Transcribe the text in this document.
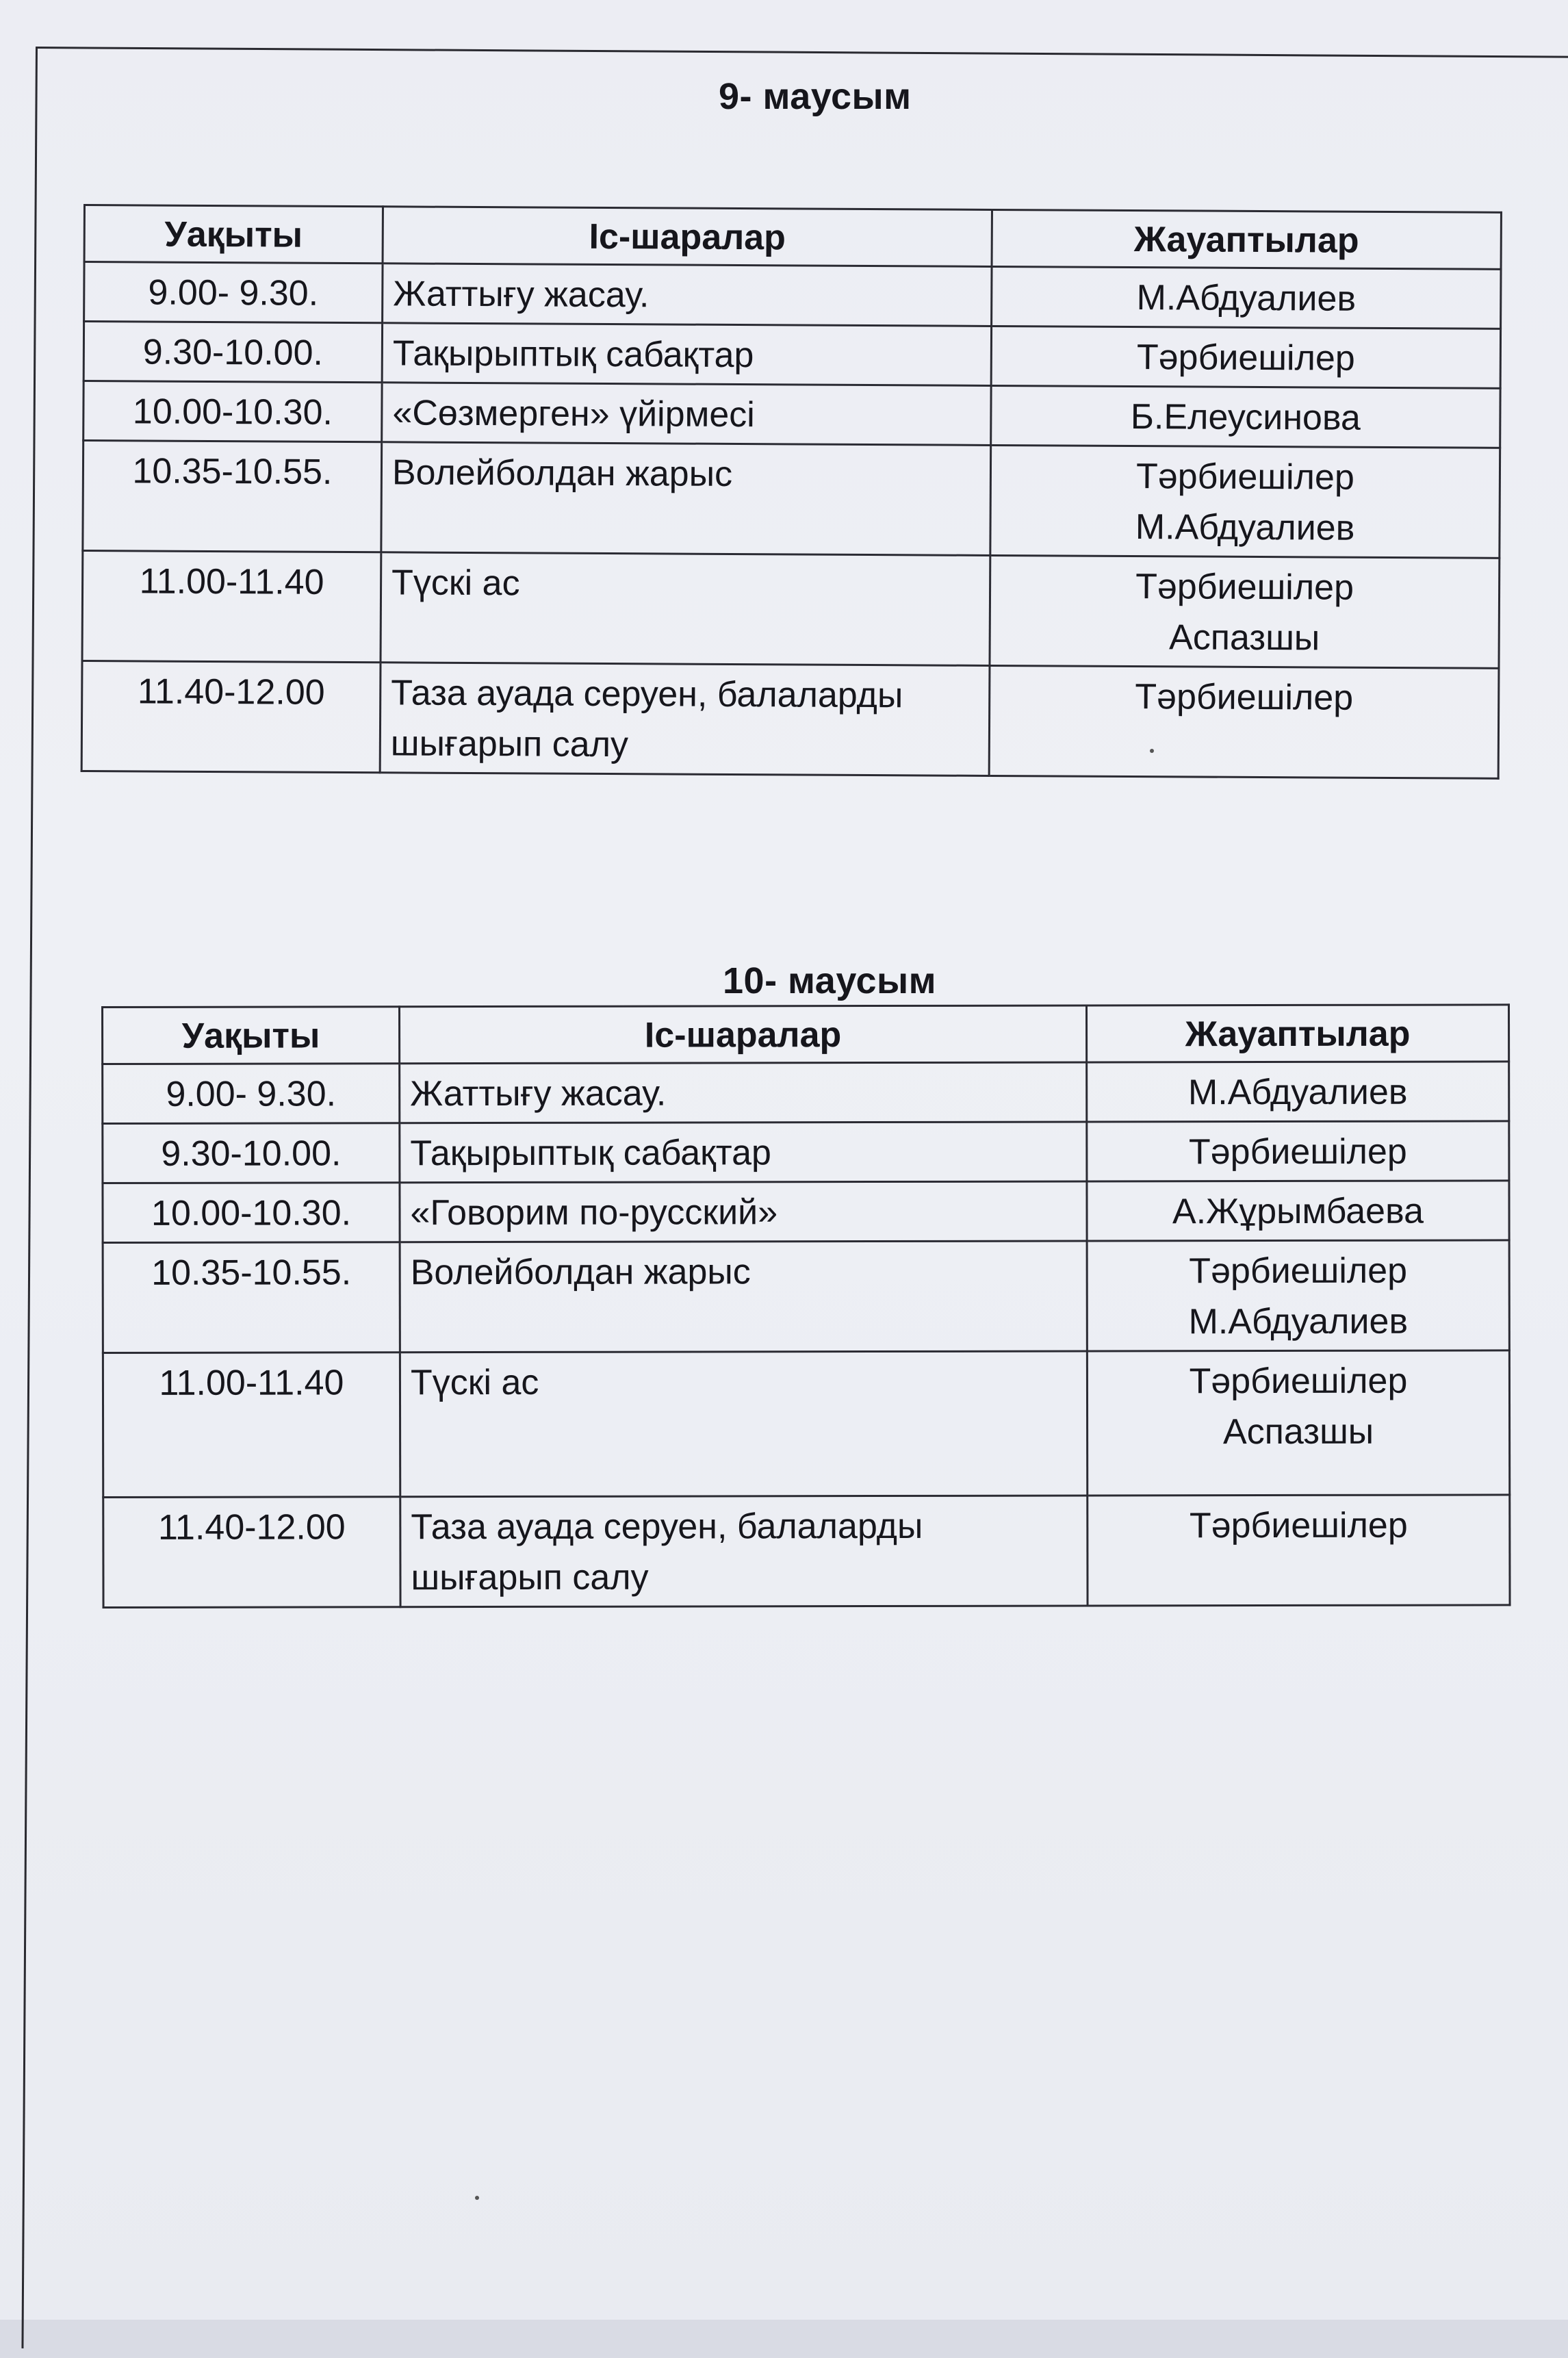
9- маусым
Уақыты	Іс-шаралар	Жауаптылар
9.00- 9.30.	Жаттығу жасау.	М.Абдуалиев

9.30-10.00.	Тақырыптық сабақтар	Тәрбиешілер

10.00-10.30.	«Сөзмерген» үйірмесі	Б.Елеусинова

10.35-10.55.	Волейболдан жарыс	Тәрбиешілер
М.Абдуалиев

11.00-11.40	Түскі ас	Тәрбиешілер
Аспазшы

11.40-12.00	Таза ауада серуен, балаларды шығарып салу	Тәрбиешілер
10- маусым
Уақыты	Іс-шаралар	Жауаптылар
9.00- 9.30.	Жаттығу жасау.	М.Абдуалиев

9.30-10.00.	Тақырыптық сабақтар	Тәрбиешілер

10.00-10.30.	«Говорим по-русский»	А.Жұрымбаева

10.35-10.55.	Волейболдан жарыс	Тәрбиешілер
М.Абдуалиев

11.00-11.40	Түскі ас	Тәрбиешілер
Аспазшы

11.40-12.00	Таза ауада серуен, балаларды шығарып салу	Тәрбиешілер
